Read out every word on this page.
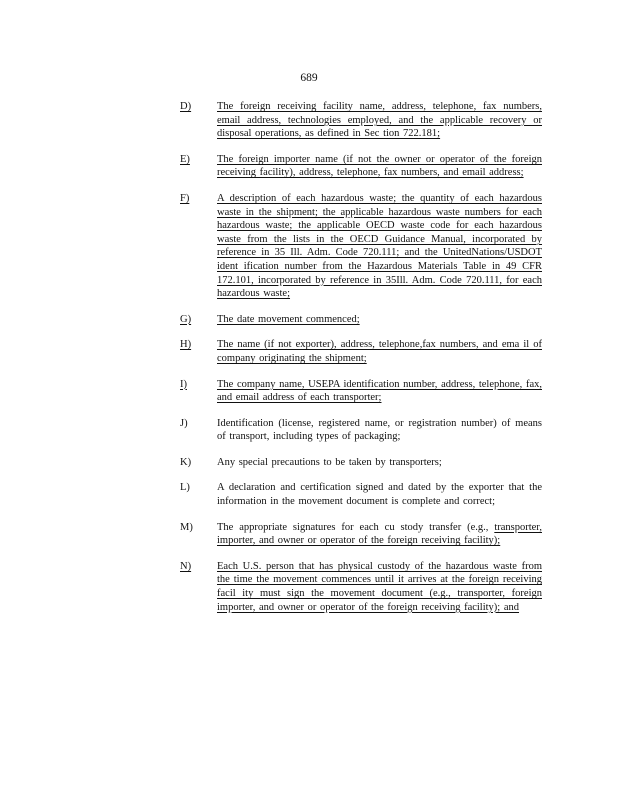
689
D)	The foreign receiving facility name, address, telephone, fax numbers, email address, technologies employed, and the applicable recovery or disposal operations, as defined in Sec tion 722.181;
E)	The foreign importer name (if not the owner or operator of the foreign receiving facility), address, telephone, fax numbers, and email address;
F)	A description of each hazardous waste; the quantity of each hazardous waste in the shipment; the applicable hazardous waste numbers for each hazardous waste; the applicable OECD waste code for each hazardous waste from the lists in the OECD Guidance Manual, incorporated by reference in 35 Ill. Adm. Code 720.111; and the UnitedNations/USDOT ident ification number from the Hazardous Materials Table in 49 CFR 172.101, incorporated by reference in 35Ill. Adm. Code 720.111, for each hazardous waste;
G)	The date movement commenced;
H)	The name (if not exporter), address, telephone,fax numbers, and ema il of company originating the shipment;
I)	The company name, USEPA identification number, address, telephone, fax, and email address of each transporter;
J)	Identification (license, registered name, or registration number) of means of transport, including types of packaging;
K)	Any special precautions to be taken by transporters;
L)	A declaration and certification signed and dated by the exporter that the information in the movement document is complete and correct;
M)	The appropriate signatures for each cu stody transfer (e.g., transporter, importer, and owner or operator of the foreign receiving facility);
N)	Each U.S. person that has physical custody of the hazardous waste from the time the movement commences until it arrives at the foreign receiving facil ity must sign the movement document (e.g., transporter, foreign importer, and owner or operator of the foreign receiving facility); and
